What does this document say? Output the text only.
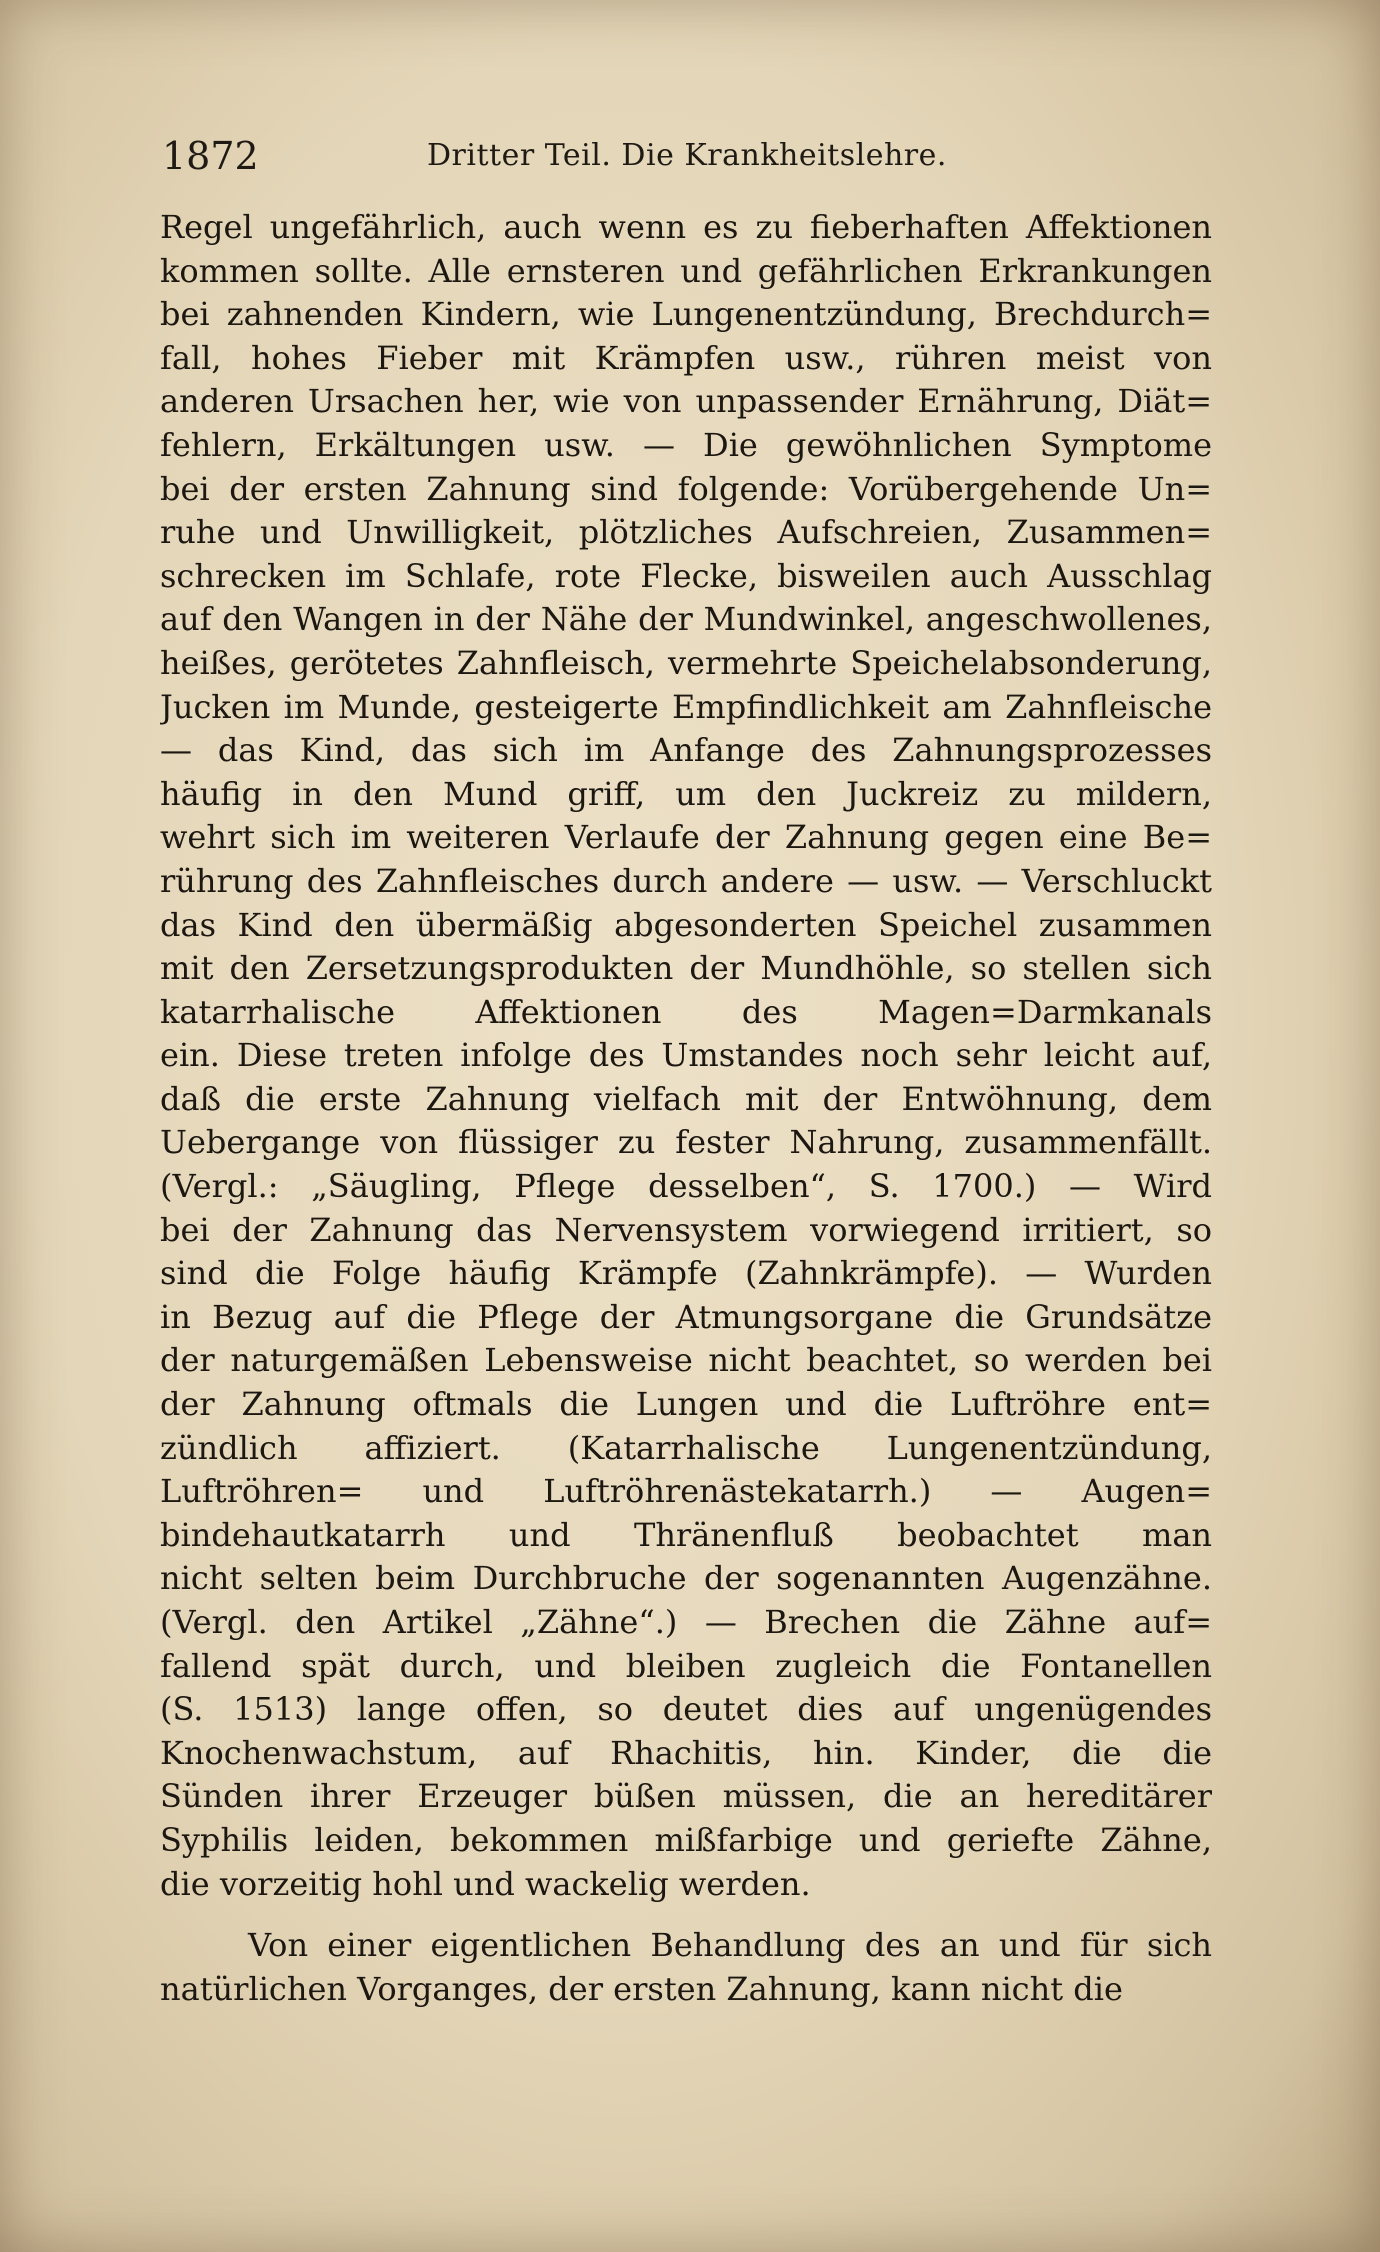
1872	Dritter Teil. Die Krankheitslehre.
Regel ungefährlich, auch wenn es zu fieberhaften Affektionen
kommen sollte. Alle ernsteren und gefährlichen Erkrankungen
bei zahnenden Kindern, wie Lungenentzündung, Brechdurch=
fall, hohes Fieber mit Krämpfen usw., rühren meist von
anderen Ursachen her, wie von unpassender Ernährung, Diät=
fehlern, Erkältungen usw. — Die gewöhnlichen Symptome
bei der ersten Zahnung sind folgende: Vorübergehende Un=
ruhe und Unwilligkeit, plötzliches Aufschreien, Zusammen=
schrecken im Schlafe, rote Flecke, bisweilen auch Ausschlag
auf den Wangen in der Nähe der Mundwinkel, angeschwollenes,
heißes, gerötetes Zahnfleisch, vermehrte Speichelabsonderung,
Jucken im Munde, gesteigerte Empfindlichkeit am Zahnfleische
— das Kind, das sich im Anfange des Zahnungsprozesses
häufig in den Mund griff, um den Juckreiz zu mildern,
wehrt sich im weiteren Verlaufe der Zahnung gegen eine Be=
rührung des Zahnfleisches durch andere — usw. — Verschluckt
das Kind den übermäßig abgesonderten Speichel zusammen
mit den Zersetzungsprodukten der Mundhöhle, so stellen sich
katarrhalische Affektionen des Magen=Darmkanals
ein. Diese treten infolge des Umstandes noch sehr leicht auf,
daß die erste Zahnung vielfach mit der Entwöhnung, dem
Uebergange von flüssiger zu fester Nahrung, zusammenfällt.
(Vergl.: „Säugling, Pflege desselben“, S. 1700.) — Wird
bei der Zahnung das Nervensystem vorwiegend irritiert, so
sind die Folge häufig Krämpfe (Zahnkrämpfe). — Wurden
in Bezug auf die Pflege der Atmungsorgane die Grundsätze
der naturgemäßen Lebensweise nicht beachtet, so werden bei
der Zahnung oftmals die Lungen und die Luftröhre ent=
zündlich affiziert. (Katarrhalische Lungenentzündung,
Luftröhren= und Luftröhrenästekatarrh.) — Augen=
bindehautkatarrh und Thränenfluß beobachtet man
nicht selten beim Durchbruche der sogenannten Augenzähne.
(Vergl. den Artikel „Zähne“.) — Brechen die Zähne auf=
fallend spät durch, und bleiben zugleich die Fontanellen
(S. 1513) lange offen, so deutet dies auf ungenügendes
Knochenwachstum, auf Rhachitis, hin. Kinder, die die
Sünden ihrer Erzeuger büßen müssen, die an hereditärer
Syphilis leiden, bekommen mißfarbige und geriefte Zähne,
die vorzeitig hohl und wackelig werden.
Von einer eigentlichen Behandlung des an und für sich
natürlichen Vorganges, der ersten Zahnung, kann nicht die
